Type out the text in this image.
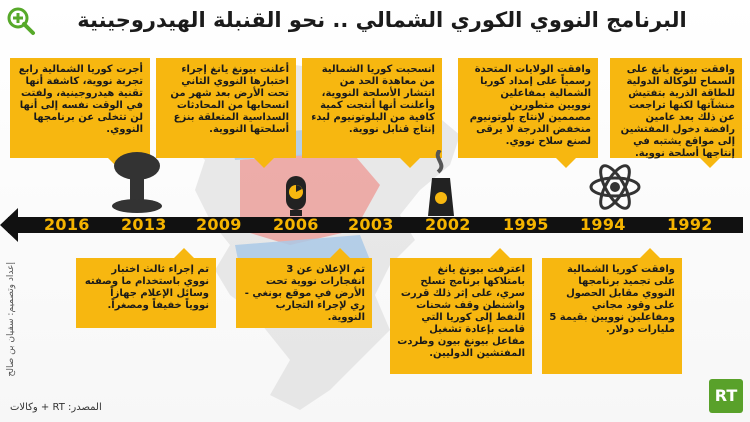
البرنامج النووي الكوري الشمالي .. نحو القنبلة الهيدروجينية
أجرت كوريا الشمالية رابع تجربة نووية، كاشفة أنها تقنية هيدروجينية، ولفتت في الوقت نفسه إلى أنها لن تتخلى عن برنامجها النووي.
أعلنت بيونغ يانغ إجراء اختبارها النووي الثاني تحت الأرض بعد شهر من انسحابها من المحادثات السداسية المتعلقة بنزع أسلحتها النووية.
انسحبت كوريا الشمالية من معاهدة الحد من انتشار الأسلحة النووية، وأعلنت أنها أنتجت كمية كافية من البلوتونيوم لبدء إنتاج قنابل نووية.
وافقت الولايات المتحدة رسمياً على إمداد كوريا الشمالية بمفاعلين نوويين متطورين مصممين لإنتاج بلوتونيوم منخفض الدرجة لا يرقى لصنع سلاح نووي.
وافقت بيونغ يانغ على السماح للوكالة الدولية للطاقة الذرية بتفتيش منشآتها لكنها تراجعت عن ذلك بعد عامين رافضة دخول المفتشين إلى مواقع يشتبه في إنتاجها أسلحة نووية.
2016 2013 2009 2006 2003 2002 1995 1994	1992
تم إجراء ثالث اختبار نووي باستخدام ما وصفته وسائل الإعلام جهازاً نووياً خفيفاً ومصغراً.
تم الإعلان عن 3 انفجارات نووية تحت الأرض في موقع بونغي - ري لإجراء التجارب النووية.
اعترفت بيونغ يانغ بامتلاكها برنامج تسلح سري، على إثر ذلك قررت واشنطن وقف شحنات النفط إلى كوريا التي قامت بإعادة تشغيل مفاعل بيونغ بيون وطردت المفتشين الدوليين.
وافقت كوريا الشمالية على تجميد برنامجها النووي مقابل الحصول على وقود مجاني ومفاعلين نوويين بقيمة 5 مليارات دولار.
إعداد وتصميم: سفيان بن صالح
المصدر: RT + وكالات
RT
